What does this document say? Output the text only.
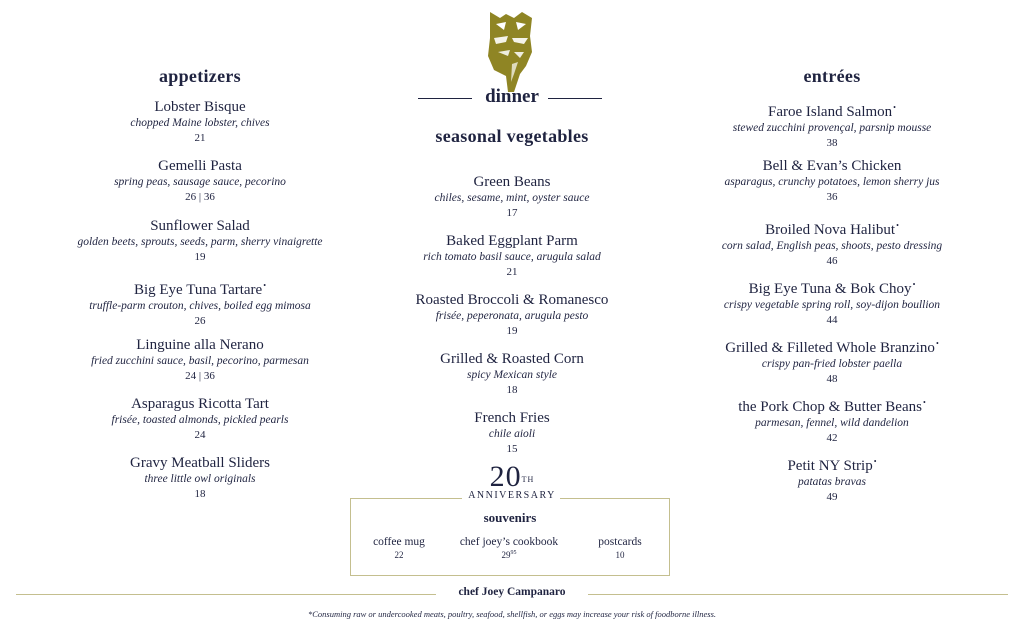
dinner
appetizers
Lobster Bisque
chopped Maine lobster, chives
21
Gemelli Pasta
spring peas, sausage sauce, pecorino
26 | 36
Sunflower Salad
golden beets, sprouts, seeds, parm, sherry vinaigrette
19
Big Eye Tuna Tartare•
truffle-parm crouton, chives, boiled egg mimosa
26
Linguine alla Nerano
fried zucchini sauce, basil, pecorino, parmesan
24 | 36
Asparagus Ricotta Tart
frisée, toasted almonds, pickled pearls
24
Gravy Meatball Sliders
three little owl originals
18
seasonal vegetables
Green Beans
chiles, sesame, mint, oyster sauce
17
Baked Eggplant Parm
rich tomato basil sauce, arugula salad
21
Roasted Broccoli & Romanesco
frisée, peperonata, arugula pesto
19
Grilled & Roasted Corn
spicy Mexican style
18
French Fries
chile aioli
15
entrées
Faroe Island Salmon•
stewed zucchini provençal, parsnip mousse
38
Bell & Evan’s Chicken
asparagus, crunchy potatoes, lemon sherry jus
36
Broiled Nova Halibut•
corn salad, English peas, shoots, pesto dressing
46
Big Eye Tuna & Bok Choy•
crispy vegetable spring roll, soy-dijon boullion
44
Grilled & Filleted Whole Branzino•
crispy pan-fried lobster paella
48
the Pork Chop & Butter Beans•
parmesan, fennel, wild dandelion
42
Petit NY Strip•
patatas bravas
49
20TH
ANNIVERSARY
souvenirs
coffee mug
22
chef joey’s cookbook
$29^{95}$
postcards
10
chef Joey Campanaro
*Consuming raw or undercooked meats, poultry, seafood, shellfish, or eggs may increase your risk of foodborne illness.
